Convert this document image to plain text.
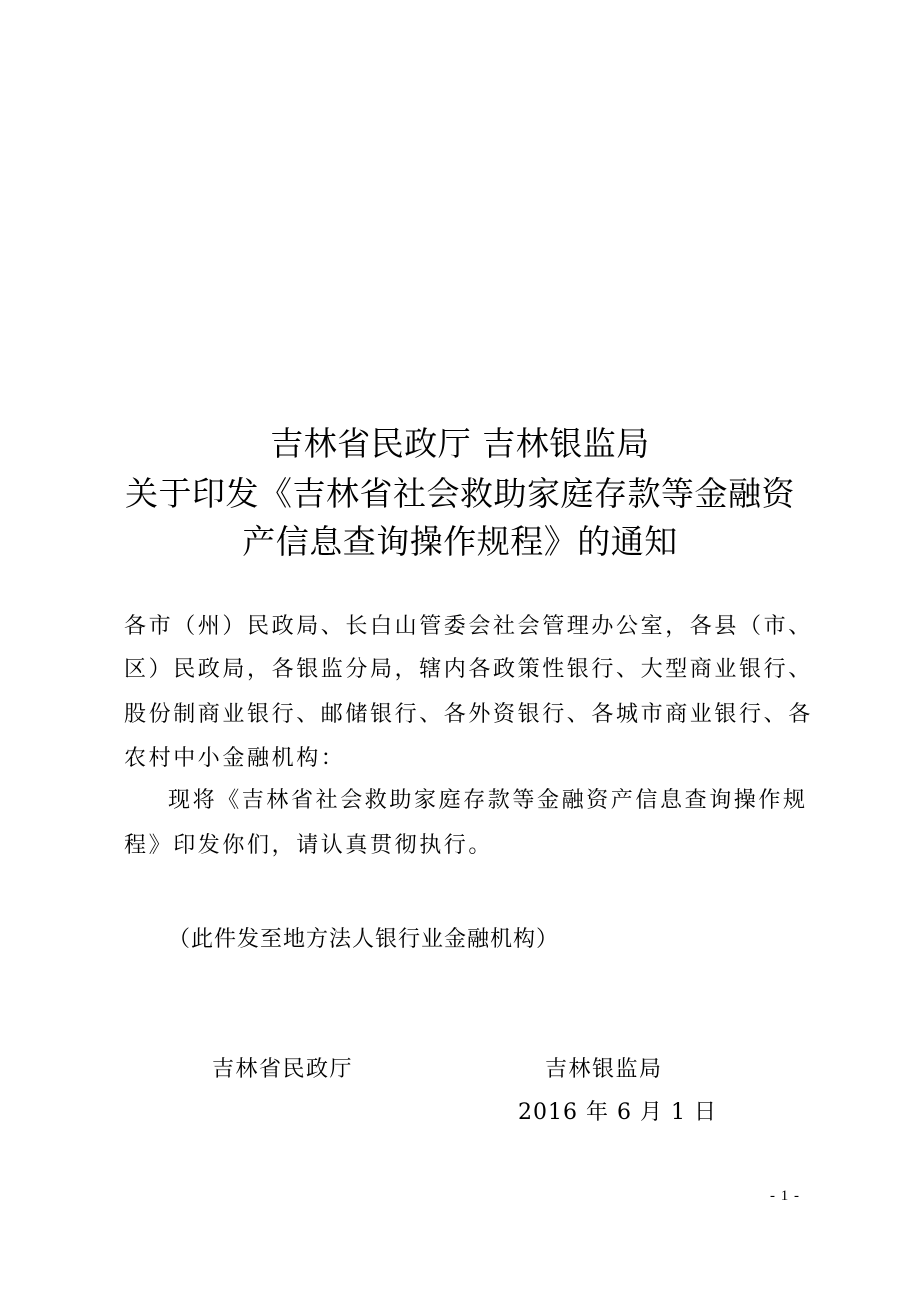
吉林省民政厅 吉林银监局
关于印发《吉林省社会救助家庭存款等金融资
产信息查询操作规程》的通知
各市（州）民政局、长白山管委会社会管理办公室，各县（市、
区）民政局，各银监分局，辖内各政策性银行、大型商业银行、
股份制商业银行、邮储银行、各外资银行、各城市商业银行、各
农村中小金融机构：
现将《吉林省社会救助家庭存款等金融资产信息查询操作规
程》印发你们，请认真贯彻执行。
（此件发至地方法人银行业金融机构）
吉林省民政厅	吉林银监局
2016 年 6 月 1 日
- 1 -
